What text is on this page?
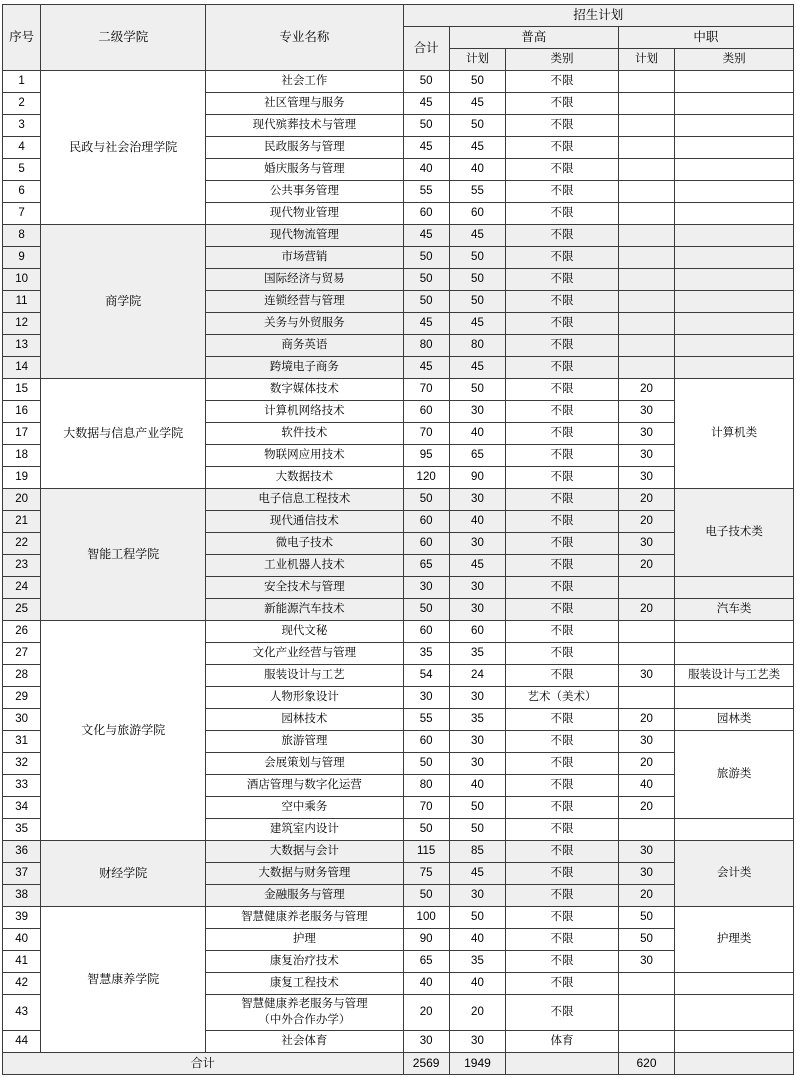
序号	二级学院	专业名称	招生计划				
			合计	普高		中职	
				计划	类别	计划	类别
1	民政与社会治理学院	社会工作	50	50	不限		
2		社区管理与服务	45	45	不限		
3		现代殡葬技术与管理	50	50	不限		
4		民政服务与管理	45	45	不限		
5		婚庆服务与管理	40	40	不限		
6		公共事务管理	55	55	不限		
7		现代物业管理	60	60	不限		
8	商学院	现代物流管理	45	45	不限		
9		市场营销	50	50	不限		
10		国际经济与贸易	50	50	不限		
11		连锁经营与管理	50	50	不限		
12		关务与外贸服务	45	45	不限		
13		商务英语	80	80	不限		
14		跨境电子商务	45	45	不限		
15	大数据与信息产业学院	数字媒体技术	70	50	不限	20	计算机类
16		计算机网络技术	60	30	不限	30	
17		软件技术	70	40	不限	30	
18		物联网应用技术	95	65	不限	30	
19		大数据技术	120	90	不限	30	
20	智能工程学院	电子信息工程技术	50	30	不限	20	电子技术类
21		现代通信技术	60	40	不限	20	
22		微电子技术	60	30	不限	30	
23		工业机器人技术	65	45	不限	20	
24		安全技术与管理	30	30	不限		
25		新能源汽车技术	50	30	不限	20	汽车类
26	文化与旅游学院	现代文秘	60	60	不限		
27		文化产业经营与管理	35	35	不限		
28		服装设计与工艺	54	24	不限	30	服装设计与工艺类
29		人物形象设计	30	30	艺术（美术）		
30		园林技术	55	35	不限	20	园林类
31		旅游管理	60	30	不限	30	旅游类
32		会展策划与管理	50	30	不限	20	
33		酒店管理与数字化运营	80	40	不限	40	
34		空中乘务	70	50	不限	20	
35		建筑室内设计	50	50	不限		
36	财经学院	大数据与会计	115	85	不限	30	会计类
37		大数据与财务管理	75	45	不限	30	
38		金融服务与管理	50	30	不限	20	
39	智慧康养学院	智慧健康养老服务与管理	100	50	不限	50	护理类
40		护理	90	40	不限	50	
41		康复治疗技术	65	35	不限	30	
42		康复工程技术	40	40	不限		
43		智慧健康养老服务与管理
（中外合作办学）	20	20	不限		
44		社会体育	30	30	体育		
合计			2569	1949		620	
